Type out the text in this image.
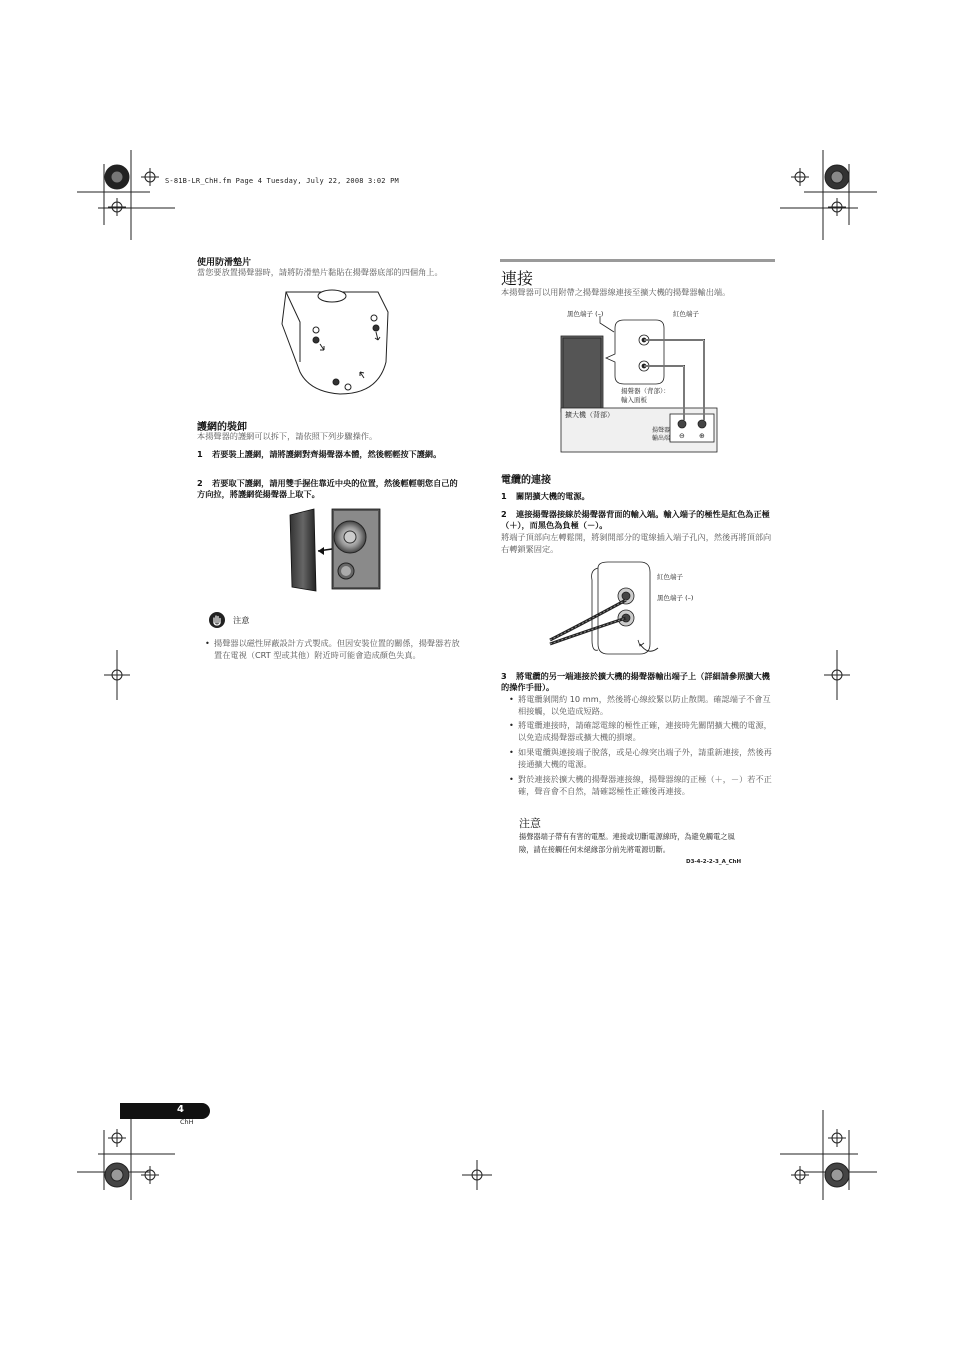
S-81B-LR_ChH.fm Page 4 Tuesday, July 22, 2008 3:02 PM
使用防滑墊片
當您要放置揚聲器時，請將防滑墊片黏貼在揚聲器底部的四個角上。
護網的裝卸
本揚聲器的護網可以拆下，請依照下列步驟操作。
1	若要裝上護網，請將護網對齊揚聲器本體，然後輕輕按下護網。
2	若要取下護網，請用雙手握住靠近中央的位置，然後輕輕朝您自己的方向拉，將護網從揚聲器上取下。
注意
• 揚聲器以磁性屏蔽設計方式製成。但因安裝位置的關係，揚聲器若放置在電視（CRT 型或其他）附近時可能會造成顏色失真。
連接
本揚聲器可以用附帶之揚聲器線連接至擴大機的揚聲器輸出端。
⊖ ⊕
黑色端子 (–)	紅色端子
揚聲器（背部）：
輸入面板
擴大機（背部）
揚聲器
輸出端
電纜的連接
1	關閉擴大機的電源。
2	連接揚聲器接線於揚聲器背面的輸入端。輸入端子的極性是紅色為正極（＋），而黑色為負極（－）。
將端子頂部向左轉鬆開，將剝開部分的電線插入端子孔內，然後再將頂部向右轉鎖緊固定。
紅色端子
黑色端子 (–)
3	將電纜的另一端連接於擴大機的揚聲器輸出端子上（詳細請參照擴大機的操作手冊）。
• 將電纜剝開約 10 mm，然後將心線絞緊以防止散開。確認端子不會互相接觸，以免造成短路。
• 將電纜連接時，請確認電線的極性正確，連接時先關閉擴大機的電源，以免造成揚聲器或擴大機的損壞。
• 如果電纜與連接端子脫落，或是心線突出端子外，請重新連接，然後再接通擴大機的電源。
• 對於連接於擴大機的揚聲器連接線，揚聲器線的正極（＋，－）若不正確，聲音會不自然，請確認極性正確後再連接。
注意
揚聲器端子帶有有害的電壓。連接或切斷電源線時，為避免觸電之風險，請在接觸任何未絕緣部分前先將電源切斷。
D3-4-2-2-3_A_ChH
4
ChH
